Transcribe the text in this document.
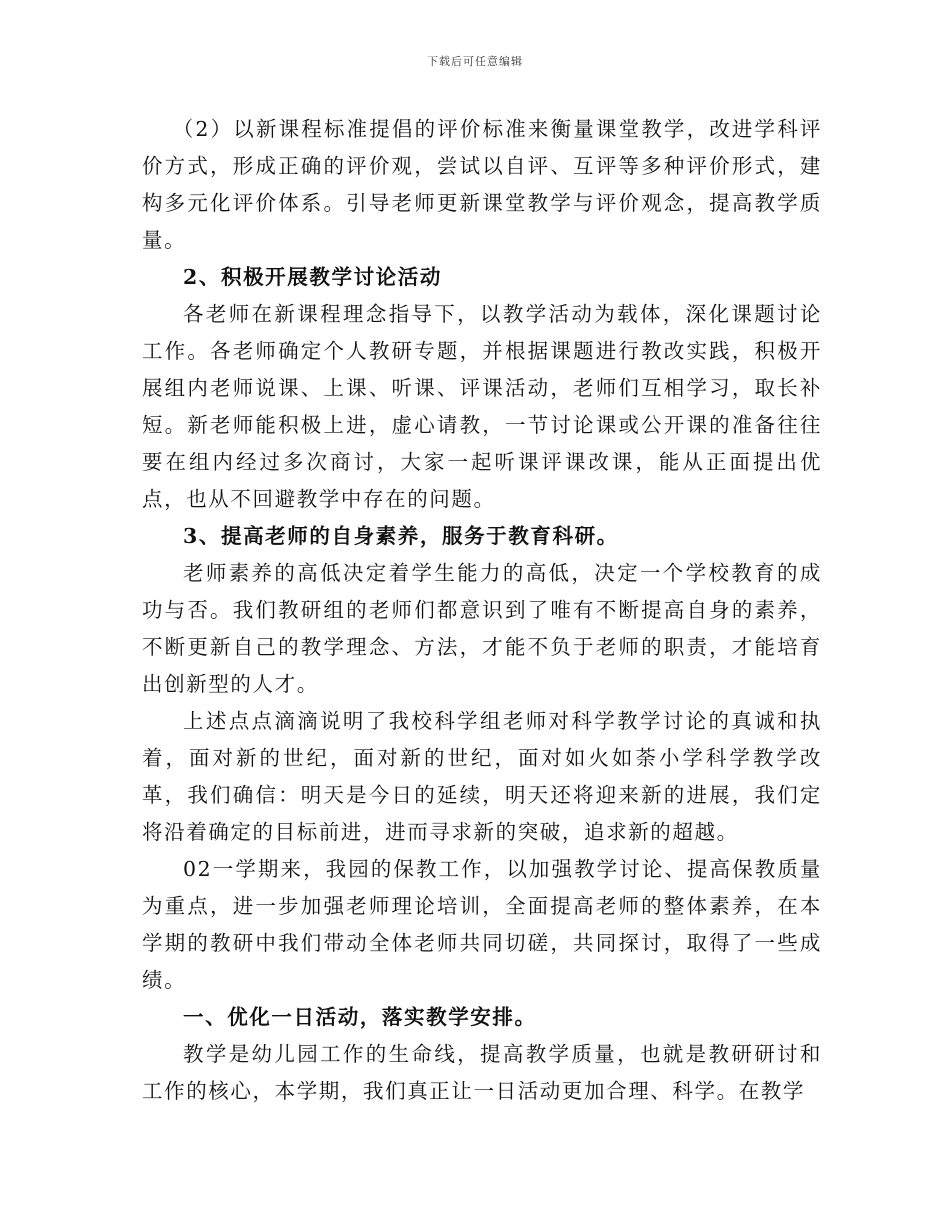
下载后可任意编辑

（2）以新课程标准提倡的评价标准来衡量课堂教学，改进学科评价方式，形成正确的评价观，尝试以自评、互评等多种评价形式，建构多元化评价体系。引导老师更新课堂教学与评价观念，提高教学质量。

2、积极开展教学讨论活动

各老师在新课程理念指导下，以教学活动为载体，深化课题讨论工作。各老师确定个人教研专题，并根据课题进行教改实践，积极开展组内老师说课、上课、听课、评课活动，老师们互相学习，取长补短。新老师能积极上进，虚心请教，一节讨论课或公开课的准备往往要在组内经过多次商讨，大家一起听课评课改课，能从正面提出优点，也从不回避教学中存在的问题。

3、提高老师的自身素养，服务于教育科研。

老师素养的高低决定着学生能力的高低，决定一个学校教育的成功与否。我们教研组的老师们都意识到了唯有不断提高自身的素养，不断更新自己的教学理念、方法，才能不负于老师的职责，才能培育出创新型的人才。

上述点点滴滴说明了我校科学组老师对科学教学讨论的真诚和执着，面对新的世纪，面对新的世纪，面对如火如荼小学科学教学改革，我们确信：明天是今日的延续，明天还将迎来新的进展，我们定将沿着确定的目标前进，进而寻求新的突破，追求新的超越。

02一学期来，我园的保教工作，以加强教学讨论、提高保教质量为重点，进一步加强老师理论培训，全面提高老师的整体素养，在本学期的教研中我们带动全体老师共同切磋，共同探讨，取得了一些成绩。

一、优化一日活动，落实教学安排。

教学是幼儿园工作的生命线，提高教学质量，也就是教研研讨和工作的核心，本学期，我们真正让一日活动更加合理、科学。在教学
